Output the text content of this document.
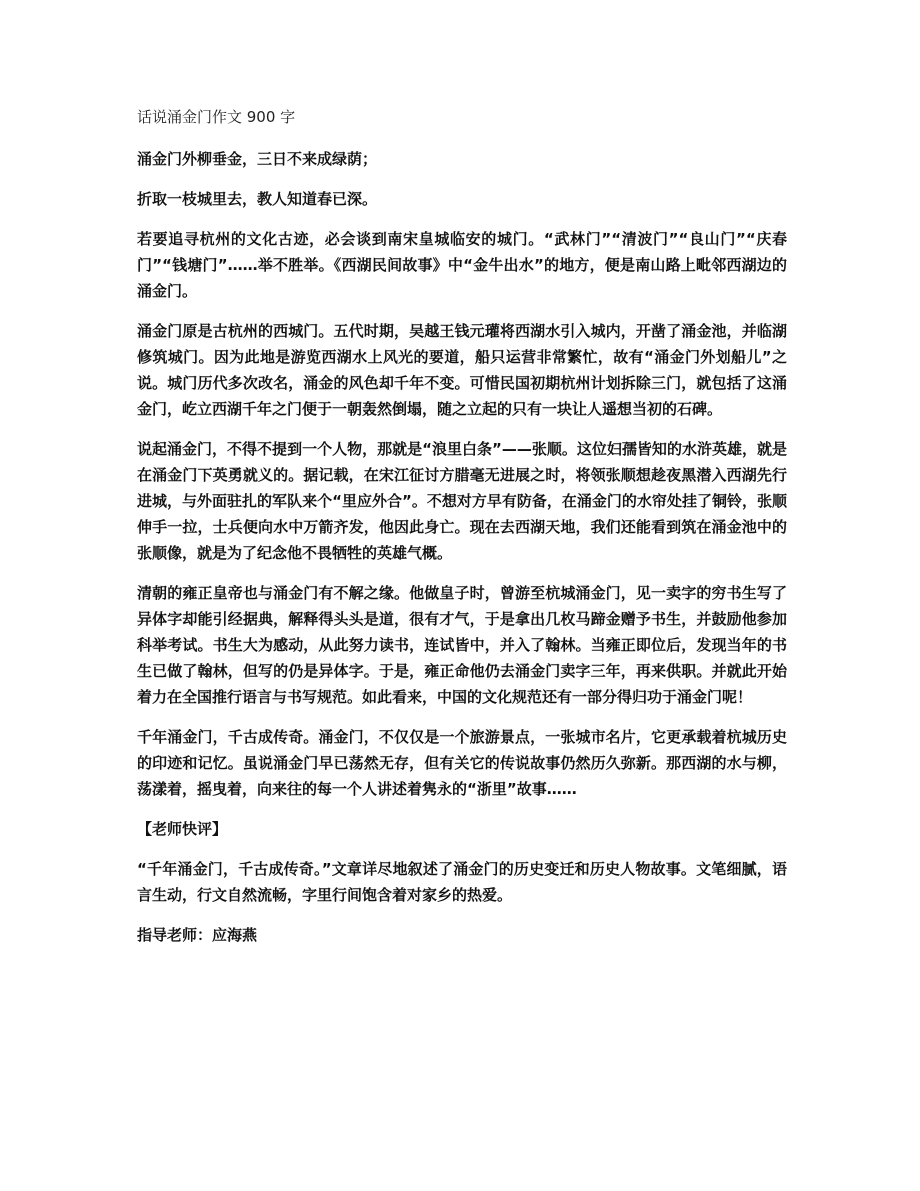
话说涌金门作文 900 字
涌金门外柳垂金，三日不来成绿荫；
折取一枝城里去，教人知道春已深。

若要追寻杭州的文化古迹，必会谈到南宋皇城临安的城门。“武林门”“清波门”“良山门”“庆春门”“钱塘门”……举不胜举。《西湖民间故事》中“金牛出水”的地方，便是南山路上毗邻西湖边的涌金门。

涌金门原是古杭州的西城门。五代时期，吴越王钱元瓘将西湖水引入城内，开凿了涌金池，并临湖修筑城门。因为此地是游览西湖水上风光的要道，船只运营非常繁忙，故有“涌金门外划船儿”之说。城门历代多次改名，涌金的风色却千年不变。可惜民国初期杭州计划拆除三门，就包括了这涌金门，屹立西湖千年之门便于一朝轰然倒塌，随之立起的只有一块让人遥想当初的石碑。

说起涌金门，不得不提到一个人物，那就是“浪里白条”——张顺。这位妇孺皆知的水浒英雄，就是在涌金门下英勇就义的。据记载，在宋江征讨方腊毫无进展之时，将领张顺想趁夜黑潜入西湖先行进城，与外面驻扎的军队来个“里应外合”。不想对方早有防备，在涌金门的水帘处挂了铜铃，张顺伸手一拉，士兵便向水中万箭齐发，他因此身亡。现在去西湖天地，我们还能看到筑在涌金池中的张顺像，就是为了纪念他不畏牺牲的英雄气概。

清朝的雍正皇帝也与涌金门有不解之缘。他做皇子时，曾游至杭城涌金门，见一卖字的穷书生写了异体字却能引经据典，解释得头头是道，很有才气，于是拿出几枚马蹄金赠予书生，并鼓励他参加科举考试。书生大为感动，从此努力读书，连试皆中，并入了翰林。当雍正即位后，发现当年的书生已做了翰林，但写的仍是异体字。于是，雍正命他仍去涌金门卖字三年，再来供职。并就此开始着力在全国推行语言与书写规范。如此看来，中国的文化规范还有一部分得归功于涌金门呢！

千年涌金门，千古成传奇。涌金门，不仅仅是一个旅游景点，一张城市名片，它更承载着杭城历史的印迹和记忆。虽说涌金门早已荡然无存，但有关它的传说故事仍然历久弥新。那西湖的水与柳，荡漾着，摇曳着，向来往的每一个人讲述着隽永的“浙里”故事……

【老师快评】

“千年涌金门，千古成传奇。”文章详尽地叙述了涌金门的历史变迁和历史人物故事。文笔细腻，语言生动，行文自然流畅，字里行间饱含着对家乡的热爱。

指导老师：应海燕
